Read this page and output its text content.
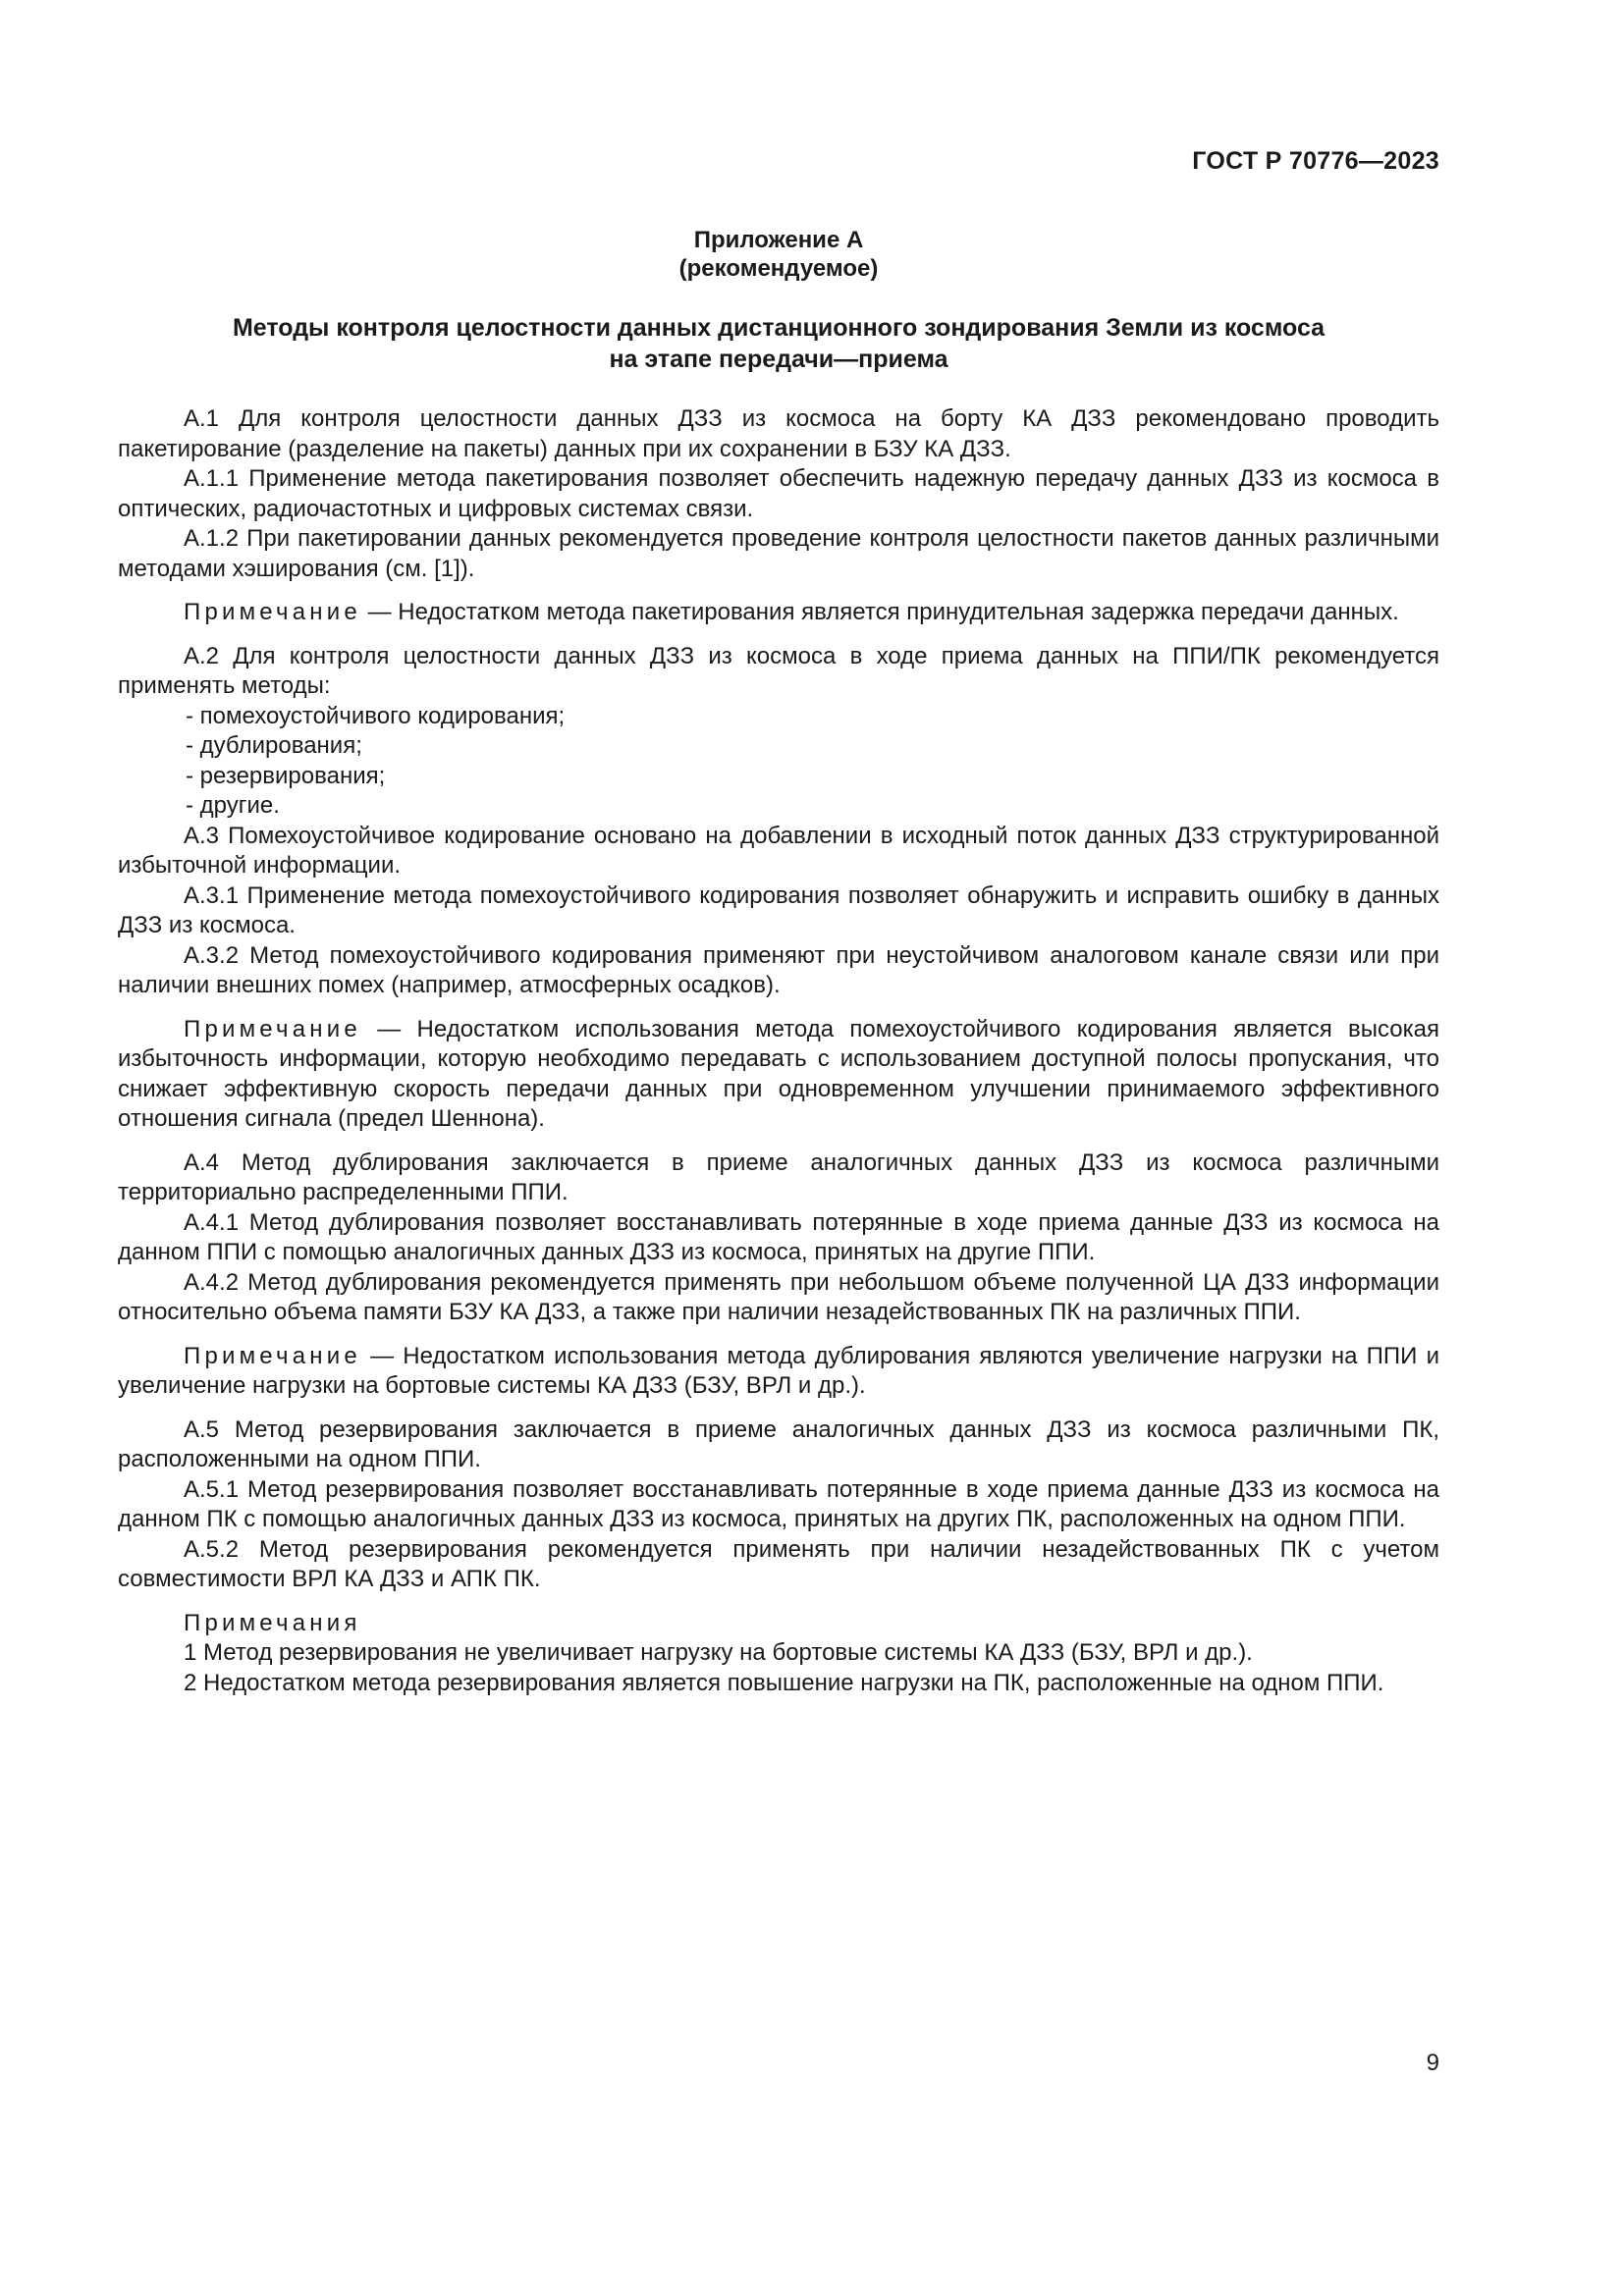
ГОСТ Р 70776—2023
Приложение А
(рекомендуемое)
Методы контроля целостности данных дистанционного зондирования Земли из космоса
на этапе передачи—приема

А.1 Для контроля целостности данных ДЗЗ из космоса на борту КА ДЗЗ рекомендовано проводить пакетирование (разделение на пакеты) данных при их сохранении в БЗУ КА ДЗЗ.

А.1.1 Применение метода пакетирования позволяет обеспечить надежную передачу данных ДЗЗ из космоса в оптических, радиочастотных и цифровых системах связи.

А.1.2 При пакетировании данных рекомендуется проведение контроля целостности пакетов данных различными методами хэширования (см. [1]).

Примечание — Недостатком метода пакетирования является принудительная задержка передачи данных.

А.2 Для контроля целостности данных ДЗЗ из космоса в ходе приема данных на ППИ/ПК рекомендуется применять методы:

- помехоустойчивого кодирования;

- дублирования;

- резервирования;

- другие.

А.3 Помехоустойчивое кодирование основано на добавлении в исходный поток данных ДЗЗ структурированной избыточной информации.

А.3.1 Применение метода помехоустойчивого кодирования позволяет обнаружить и исправить ошибку в данных ДЗЗ из космоса.

А.3.2 Метод помехоустойчивого кодирования применяют при неустойчивом аналоговом канале связи или при наличии внешних помех (например, атмосферных осадков).

Примечание — Недостатком использования метода помехоустойчивого кодирования является высокая избыточность информации, которую необходимо передавать с использованием доступной полосы пропускания, что снижает эффективную скорость передачи данных при одновременном улучшении принимаемого эффективного отношения сигнала (предел Шеннона).

А.4 Метод дублирования заключается в приеме аналогичных данных ДЗЗ из космоса различными территориально распределенными ППИ.

А.4.1 Метод дублирования позволяет восстанавливать потерянные в ходе приема данные ДЗЗ из космоса на данном ППИ с помощью аналогичных данных ДЗЗ из космоса, принятых на другие ППИ.

А.4.2 Метод дублирования рекомендуется применять при небольшом объеме полученной ЦА ДЗЗ информации относительно объема памяти БЗУ КА ДЗЗ, а также при наличии незадействованных ПК на различных ППИ.

Примечание — Недостатком использования метода дублирования являются увеличение нагрузки на ППИ и увеличение нагрузки на бортовые системы КА ДЗЗ (БЗУ, ВРЛ и др.).

А.5 Метод резервирования заключается в приеме аналогичных данных ДЗЗ из космоса различными ПК, расположенными на одном ППИ.

А.5.1 Метод резервирования позволяет восстанавливать потерянные в ходе приема данные ДЗЗ из космоса на данном ПК с помощью аналогичных данных ДЗЗ из космоса, принятых на других ПК, расположенных на одном ППИ.

А.5.2 Метод резервирования рекомендуется применять при наличии незадействованных ПК с учетом совместимости ВРЛ КА ДЗЗ и АПК ПК.

Примечания

1 Метод резервирования не увеличивает нагрузку на бортовые системы КА ДЗЗ (БЗУ, ВРЛ и др.).

2 Недостатком метода резервирования является повышение нагрузки на ПК, расположенные на одном ППИ.

9
